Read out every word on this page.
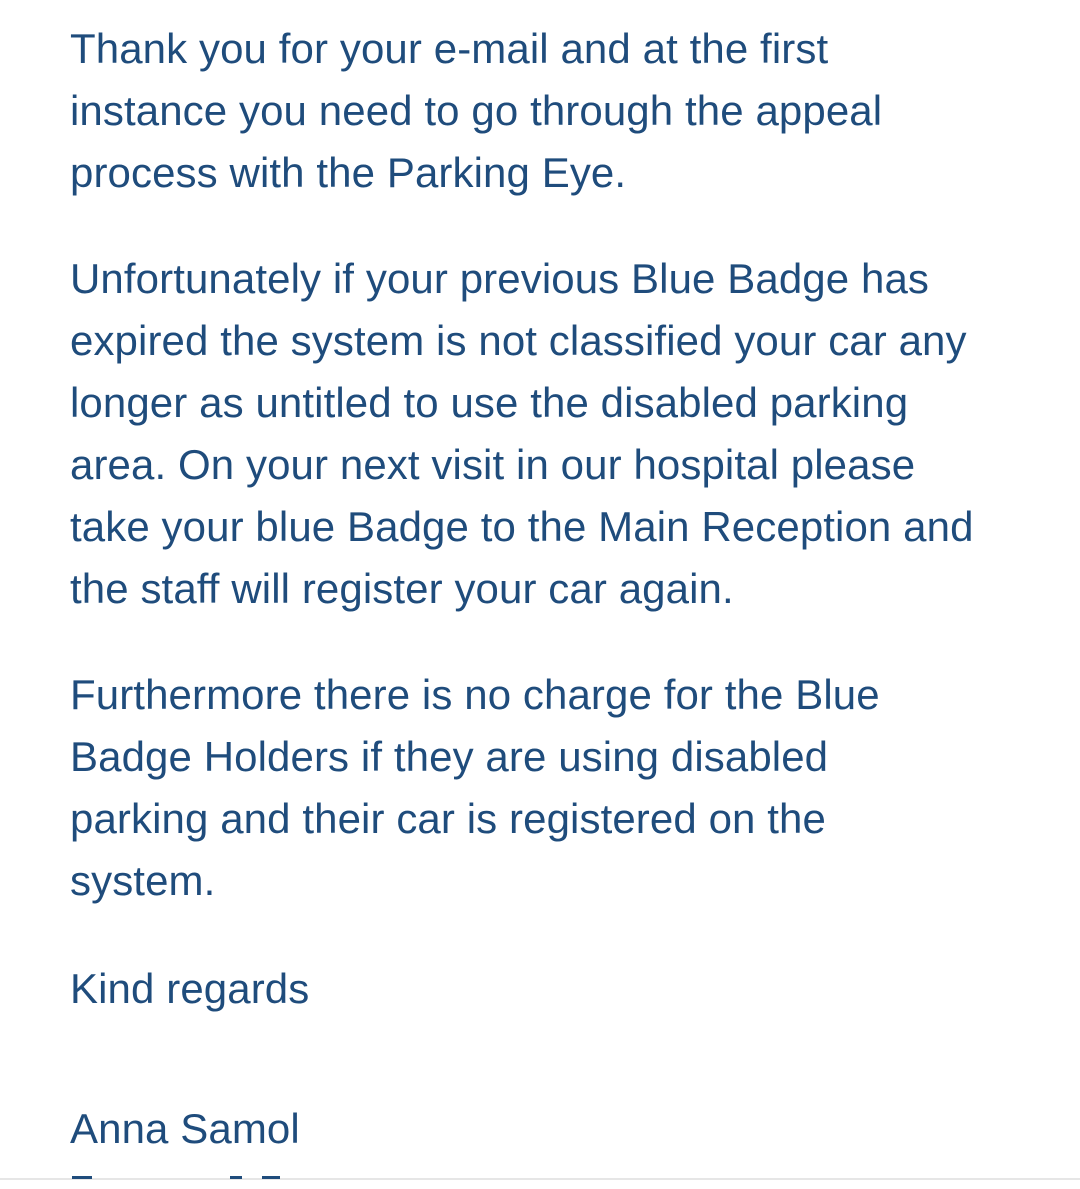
Thank you for your e-mail and at the first
instance you need to go through the appeal
process with the Parking Eye.

Unfortunately if your previous Blue Badge has
expired the system is not classified your car any
longer as untitled to use the disabled parking
area. On your next visit in our hospital please
take your blue Badge to the Main Reception and
the staff will register your car again.

Furthermore there is no charge for the Blue
Badge Holders if they are using disabled
parking and their car is registered on the
system.

Kind regards

Anna Samol
